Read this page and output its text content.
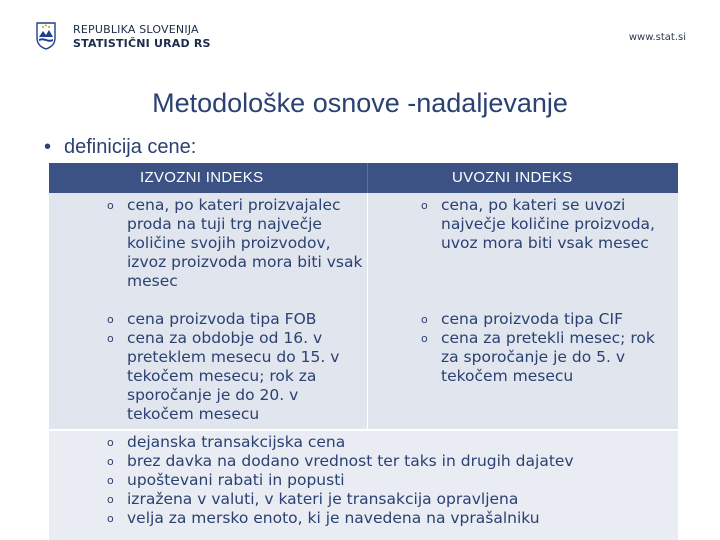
REPUBLIKA SLOVENIJA
STATISTIČNI URAD RS	www.stat.si
Metodološke osnove -nadaljevanje
• definicija cene:
IZVOZNI INDEKS	UVOZNI INDEKS
o cena, po kateri proizvajalec proda na tuji trg največje količine svojih proizvodov, izvoz proizvoda mora biti vsak mesec
o cena proizvoda tipa FOB
o cena za obdobje od 16. v preteklem mesecu do 15. v tekočem mesecu; rok za sporočanje je do 20. v tekočem mesecu
o cena, po kateri se uvozi največje količine proizvoda, uvoz mora biti vsak mesec
o cena proizvoda tipa CIF
o cena za pretekli mesec; rok za sporočanje je do 5. v tekočem mesecu
o dejanska transakcijska cena
o brez davka na dodano vrednost ter taks in drugih dajatev
o upoštevani rabati in popusti
o izražena v valuti, v kateri je transakcija opravljena
o velja za mersko enoto, ki je navedena na vprašalniku
